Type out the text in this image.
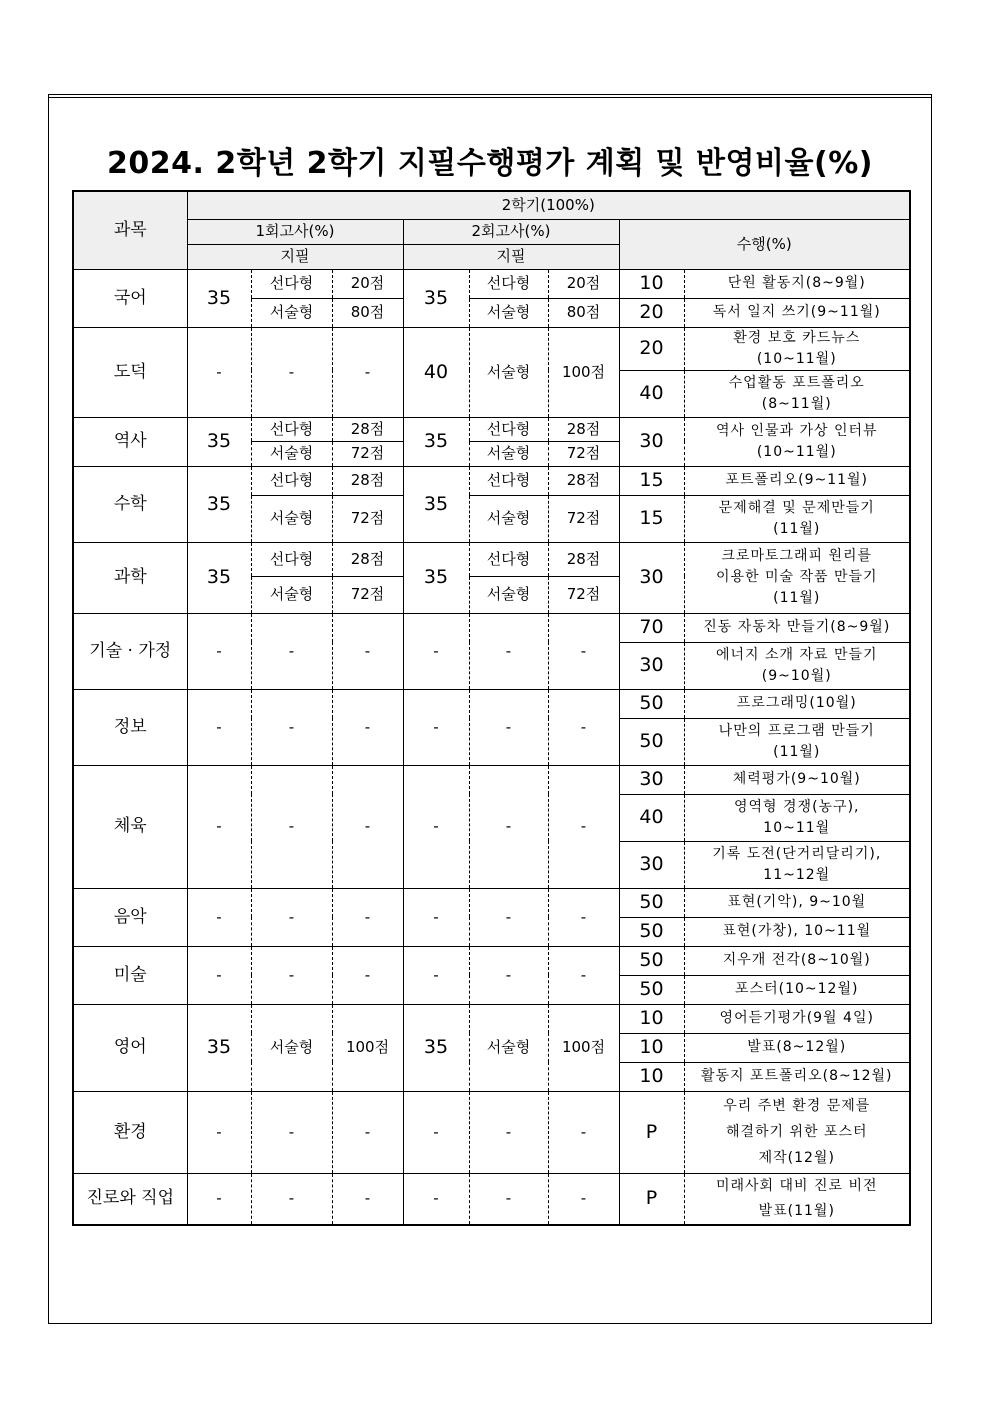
2024. 2학년 2학기 지필수행평가 계획 및 반영비율(%)
과목	2학기(100%)							
	1회고사(%)			2회고사(%)			수행(%)	
	지필			지필				
국어	35	선다형	20점	35	선다형	20점	10	단원 활동지(8~9월)
		서술형	80점		서술형	80점	20	독서 일지 쓰기(9~11월)
도덕	-	-	-	40	서술형	100점	20	환경 보호 카드뉴스
(10~11월)

							40	수업활동 포트폴리오
(8~11월)

역사	35	선다형	28점	35	선다형	28점	30	역사 인물과 가상 인터뷰
(10~11월)

		서술형	72점		서술형	72점		
수학	35	선다형	28점	35	선다형	28점	15	포트폴리오(9~11월)
		서술형	72점		서술형	72점	15	문제해결 및 문제만들기
(11월)

과학	35	선다형	28점	35	선다형	28점	30	크로마토그래피 원리를
이용한 미술 작품 만들기
(11월)

		서술형	72점		서술형	72점		
기술 · 가정	-	-	-	-	-	-	70	진동 자동차 만들기(8~9월)
							30	에너지 소개 자료 만들기
(9~10월)

정보	-	-	-	-	-	-	50	프로그래밍(10월)
							50	나만의 프로그램 만들기
(11월)

체육	-	-	-	-	-	-	30	체력평가(9~10월)
							40	영역형 경쟁(농구),
10~11월

							30	기록 도전(단거리달리기),
11~12월

음악	-	-	-	-	-	-	50	표현(기악), 9~10월
							50	표현(가창), 10~11월
미술	-	-	-	-	-	-	50	지우개 전각(8~10월)
							50	포스터(10~12월)
영어	35	서술형	100점	35	서술형	100점	10	영어듣기평가(9월 4일)
							10	발표(8~12월)
							10	활동지 포트폴리오(8~12월)
환경	-	-	-	-	-	-	P	우리 주변 환경 문제를
해결하기 위한 포스터
제작(12월)

진로와 직업	-	-	-	-	-	-	P	미래사회 대비 진로 비전
발표(11월)
